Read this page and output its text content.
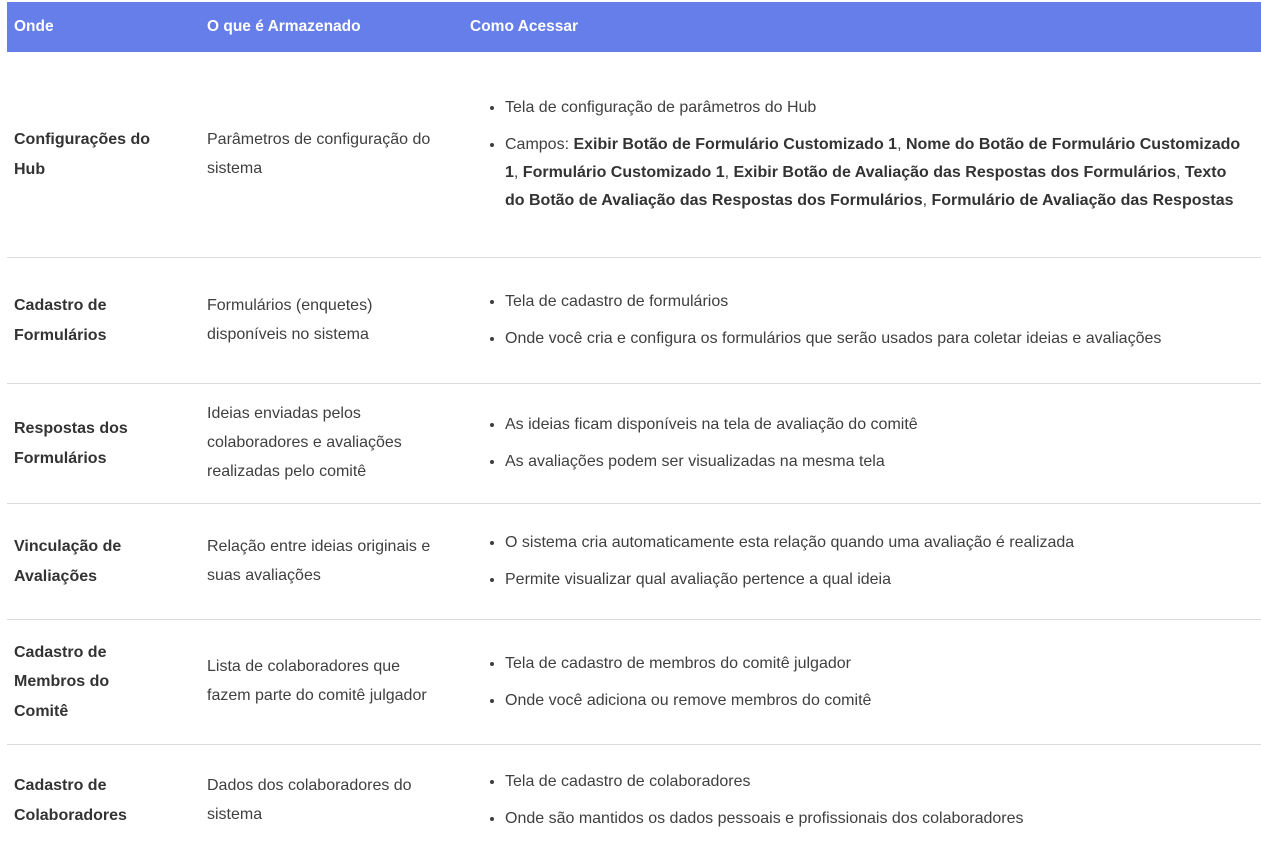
Onde	O que é Armazenado	Como Acessar
Configurações do Hub
Parâmetros de configuração do sistema
• Tela de configuração de parâmetros do Hub
• Campos: Exibir Botão de Formulário Customizado 1, Nome do Botão de Formulário Customizado 1, Formulário Customizado 1, Exibir Botão de Avaliação das Respostas dos Formulários, Texto do Botão de Avaliação das Respostas dos Formulários, Formulário de Avaliação das Respostas
Cadastro de Formulários
Formulários (enquetes) disponíveis no sistema
• Tela de cadastro de formulários
• Onde você cria e configura os formulários que serão usados para coletar ideias e avaliações
Respostas dos Formulários
Ideias enviadas pelos colaboradores e avaliações realizadas pelo comitê
• As ideias ficam disponíveis na tela de avaliação do comitê
• As avaliações podem ser visualizadas na mesma tela
Vinculação de Avaliações
Relação entre ideias originais e suas avaliações
• O sistema cria automaticamente esta relação quando uma avaliação é realizada
• Permite visualizar qual avaliação pertence a qual ideia
Cadastro de Membros do Comitê
Lista de colaboradores que fazem parte do comitê julgador
• Tela de cadastro de membros do comitê julgador
• Onde você adiciona ou remove membros do comitê
Cadastro de Colaboradores
Dados dos colaboradores do sistema
• Tela de cadastro de colaboradores
• Onde são mantidos os dados pessoais e profissionais dos colaboradores
